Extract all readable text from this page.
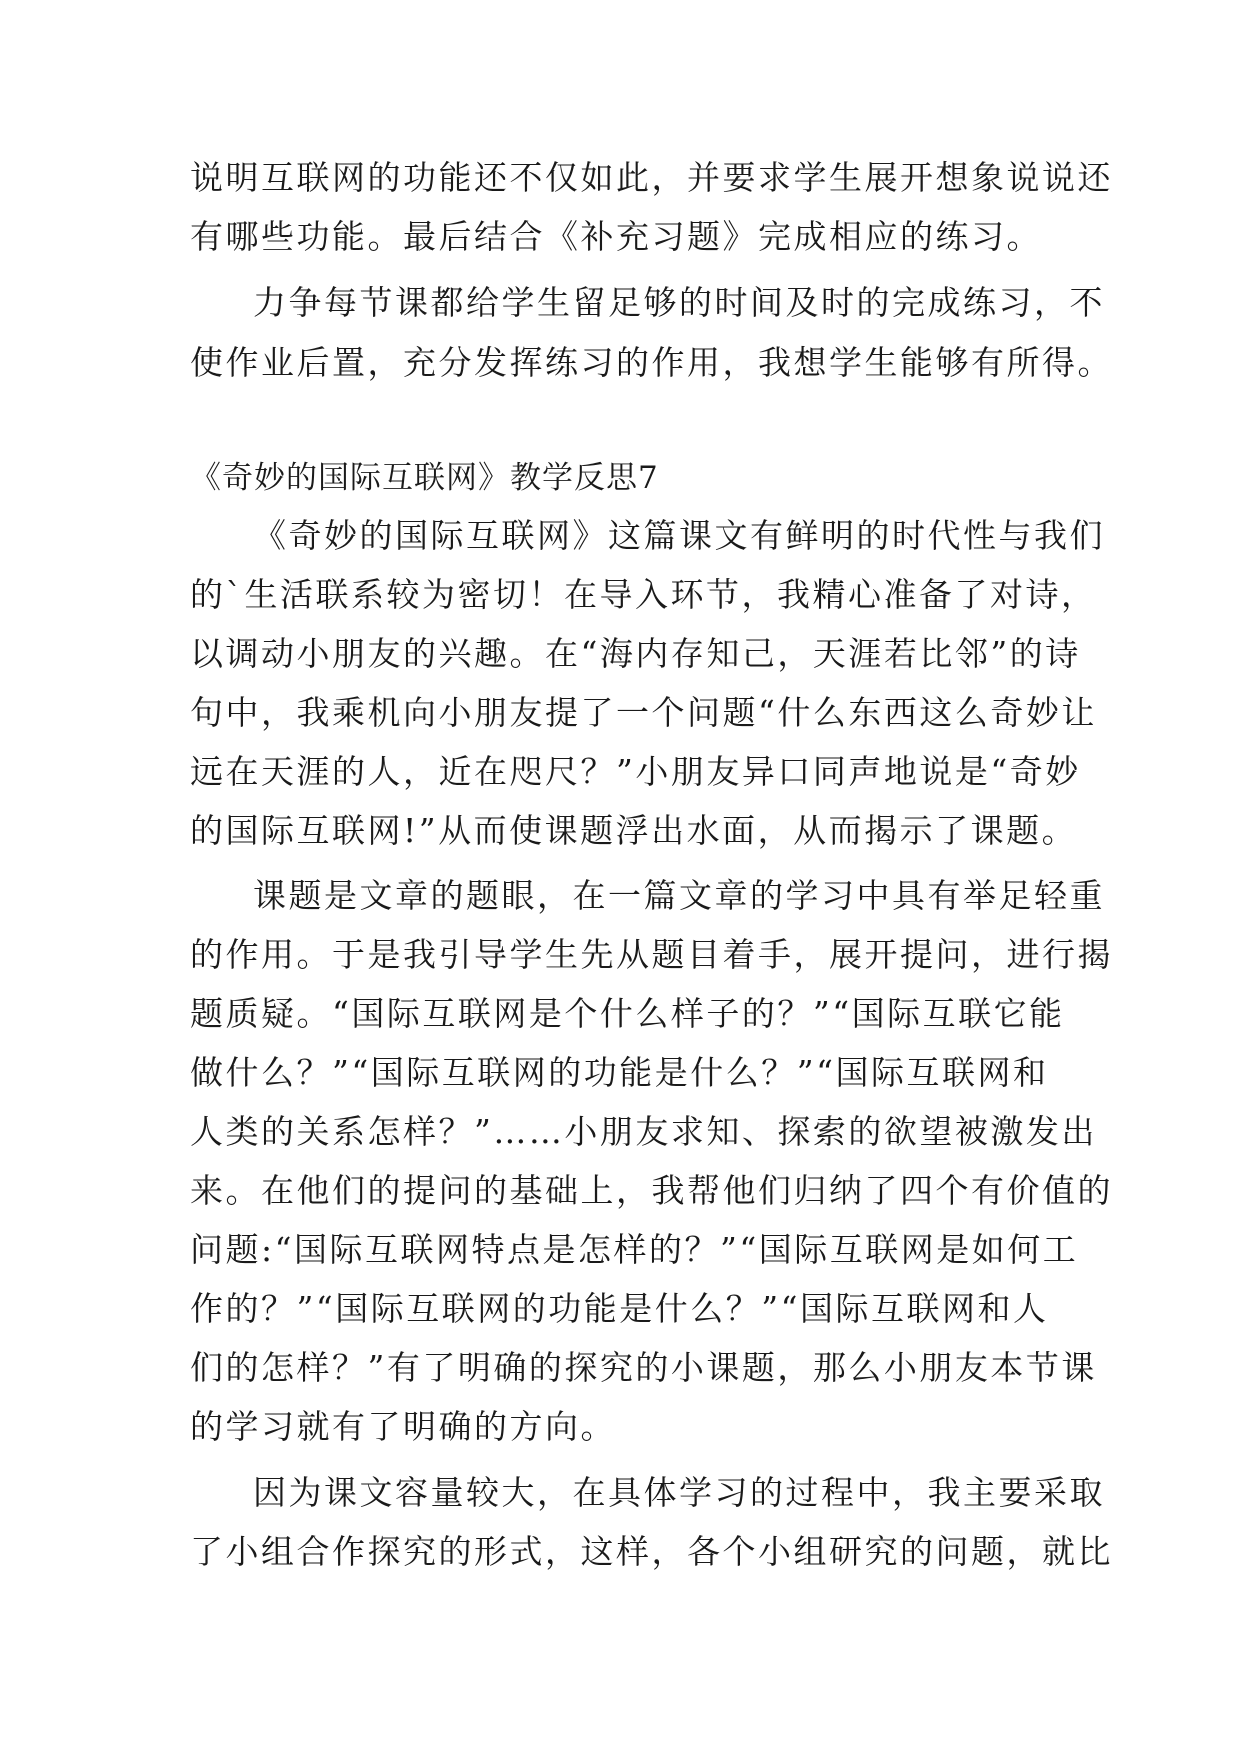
说明互联网的功能还不仅如此，并要求学生展开想象说说还
有哪些功能。最后结合《补充习题》完成相应的练习。
力争每节课都给学生留足够的时间及时的完成练习，不
使作业后置，充分发挥练习的作用，我想学生能够有所得。
《奇妙的国际互联网》教学反思7
《奇妙的国际互联网》这篇课文有鲜明的时代性与我们
的`生活联系较为密切！在导入环节，我精心准备了对诗，
以调动小朋友的兴趣。在“海内存知己，天涯若比邻”的诗
句中，我乘机向小朋友提了一个问题“什么东西这么奇妙让
远在天涯的人，近在咫尺？”小朋友异口同声地说是“奇妙
的国际互联网!”从而使课题浮出水面，从而揭示了课题。
课题是文章的题眼，在一篇文章的学习中具有举足轻重
的作用。于是我引导学生先从题目着手，展开提问，进行揭
题质疑。“国际互联网是个什么样子的？”“国际互联它能
做什么？”“国际互联网的功能是什么？”“国际互联网和
人类的关系怎样？”……小朋友求知、探索的欲望被激发出
来。在他们的提问的基础上，我帮他们归纳了四个有价值的
问题:“国际互联网特点是怎样的？”“国际互联网是如何工
作的？”“国际互联网的功能是什么？”“国际互联网和人
们的怎样？”有了明确的探究的小课题，那么小朋友本节课
的学习就有了明确的方向。
因为课文容量较大，在具体学习的过程中，我主要采取
了小组合作探究的形式，这样，各个小组研究的问题，就比
